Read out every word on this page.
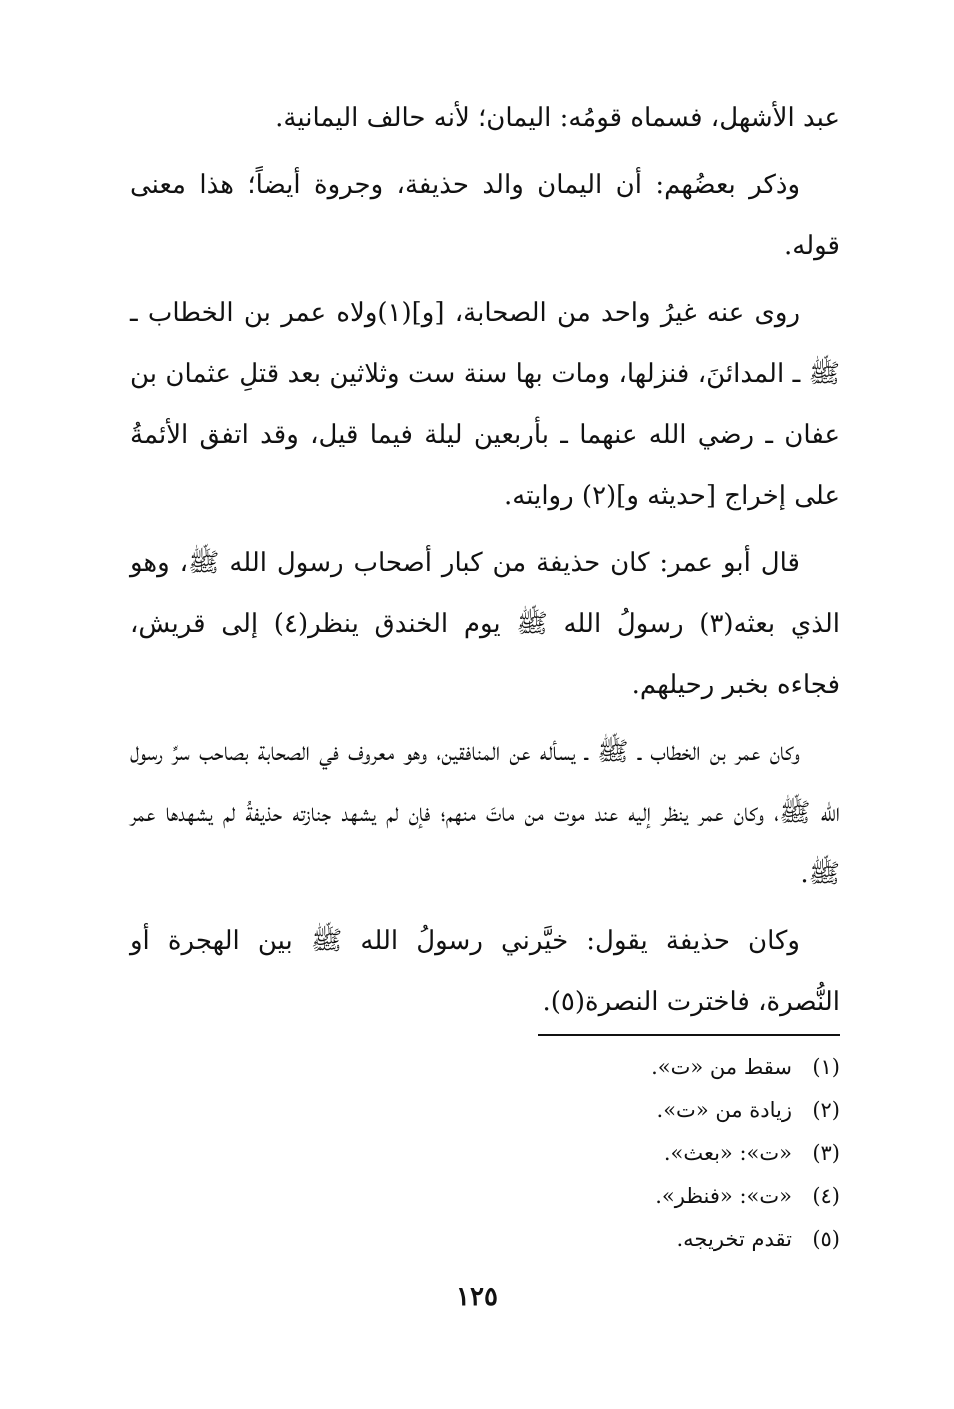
عبد الأشهل، فسماه قومُه: اليمان؛ لأنه حالف اليمانية.

وذكر بعضُهم: أن اليمان والد حذيفة، وجروة أيضاً؛ هذا معنى قوله.

روى عنه غيرُ واحد من الصحابة، [و](١)ولاه عمر بن الخطاب ـ ﷺ ـ المدائنَ، فنزلها، ومات بها سنة ست وثلاثين بعد قتلِ عثمان بن عفان ـ رضي الله عنهما ـ بأربعين ليلة فيما قيل، وقد اتفق الأئمةُ على إخراج [حديثه و](٢) روايته.

قال أبو عمر: كان حذيفة من كبار أصحاب رسول الله ﷺ، وهو الذي بعثه(٣) رسولُ الله ﷺ يوم الخندق ينظر(٤) إلى قريش، فجاءه بخبر رحيلهم.

وكان عمر بن الخطاب ـ ﷺ ـ يسأله عن المنافقين، وهو معروف في الصحابة بصاحب سرِّ رسول الله ﷺ، وكان عمر ينظر إليه عند موت من ماتَ منهم؛ فإن لم يشهد جنازته حذيفةُ لم يشهدها عمر ﷺ.

وكان حذيفة يقول: خيَّرني رسولُ الله ﷺ بين الهجرة أو النُّصرة، فاخترت النصرة(٥).

(١)
سقط من «ت».
(٢)
زيادة من «ت».
(٣)
«ت»: «بعث».
(٤)
«ت»: «فنظر».
(٥)
تقدم تخريجه.
١٢٥
